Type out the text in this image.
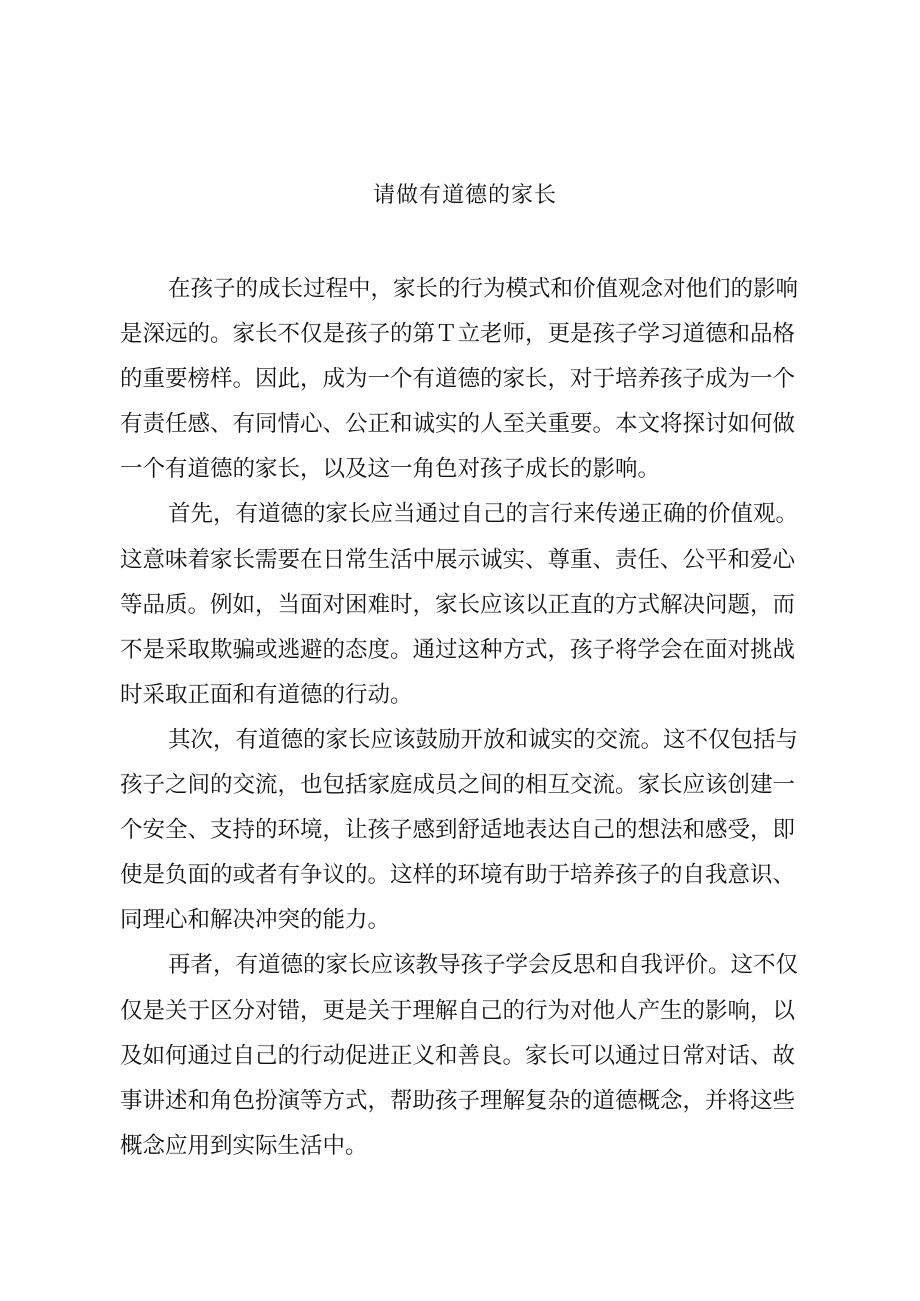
请做有道德的家长
在孩子的成长过程中，家长的行为模式和价值观念对他们的影响
是深远的。家长不仅是孩子的第Ｔ立老师，更是孩子学习道德和品格
的重要榜样。因此，成为一个有道德的家长，对于培养孩子成为一个
有责任感、有同情心、公正和诚实的人至关重要。本文将探讨如何做
一个有道德的家长，以及这一角色对孩子成长的影响。
首先，有道德的家长应当通过自己的言行来传递正确的价值观。
这意味着家长需要在日常生活中展示诚实、尊重、责任、公平和爱心
等品质。例如，当面对困难时，家长应该以正直的方式解决问题，而
不是采取欺骗或逃避的态度。通过这种方式，孩子将学会在面对挑战
时采取正面和有道德的行动。
其次，有道德的家长应该鼓励开放和诚实的交流。这不仅包括与
孩子之间的交流，也包括家庭成员之间的相互交流。家长应该创建一
个安全、支持的环境，让孩子感到舒适地表达自己的想法和感受，即
使是负面的或者有争议的。这样的环境有助于培养孩子的自我意识、
同理心和解决冲突的能力。
再者，有道德的家长应该教导孩子学会反思和自我评价。这不仅
仅是关于区分对错，更是关于理解自己的行为对他人产生的影响，以
及如何通过自己的行动促进正义和善良。家长可以通过日常对话、故
事讲述和角色扮演等方式，帮助孩子理解复杂的道德概念，并将这些
概念应用到实际生活中。
